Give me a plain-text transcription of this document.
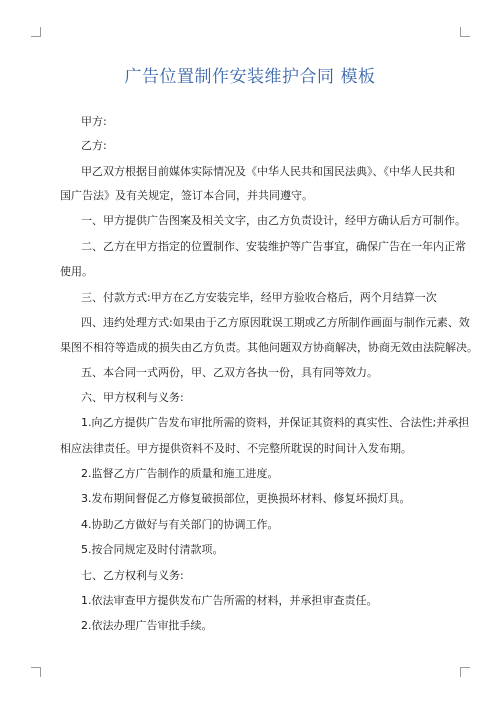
广告位置制作安装维护合同 模板
甲方:
乙方:
甲乙双方根据目前媒体实际情况及《中华人民共和国民法典》、《中华人民共和
国广告法》及有关规定，签订本合同，并共同遵守。
一、甲方提供广告图案及相关文字，由乙方负责设计，经甲方确认后方可制作。
二、乙方在甲方指定的位置制作、安装维护等广告事宜，确保广告在一年内正常
使用。
三、付款方式:甲方在乙方安装完毕，经甲方验收合格后，两个月结算一次
四、违约处理方式:如果由于乙方原因耽误工期或乙方所制作画面与制作元素、效
果图不相符等造成的损失由乙方负责。其他问题双方协商解决，协商无效由法院解决。
五、本合同一式两份，甲、乙双方各执一份，具有同等效力。
六、甲方权利与义务:
1.向乙方提供广告发布审批所需的资料，并保证其资料的真实性、合法性;并承担
相应法律责任。甲方提供资料不及时、不完整所耽误的时间计入发布期。
2.监督乙方广告制作的质量和施工进度。
3.发布期间督促乙方修复破损部位，更换损坏材料、修复坏损灯具。
4.协助乙方做好与有关部门的协调工作。
5.按合同规定及时付清款项。
七、乙方权利与义务:
1.依法审查甲方提供发布广告所需的材料，并承担审查责任。
2.依法办理广告审批手续。
